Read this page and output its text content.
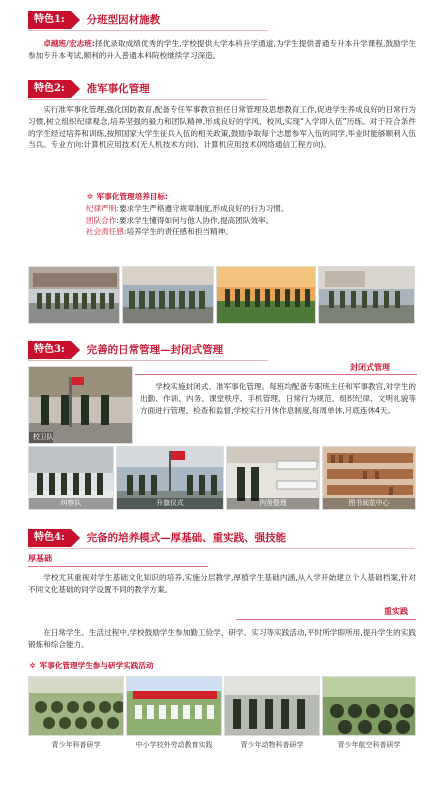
特色1:	分班型因材施教
卓越班/宏志班:择优录取成绩优秀的学生,学校提供大学本科升学通道,为学生提供普通专升本升学课程,鼓励学生参加专升本考试,顺利的升入普通本科院校继续学习深造。
特色2:	准军事化管理
实行准军事化管理,强化国防教育,配备专任军事教官担任日常管理及思想教育工作,促进学生养成良好的日常行为习惯,树立组织纪律观念,培养坚强的毅力和团队精神,形成良好的学风、校风,实现“入学即入伍”历练。对于符合条件的学生经过培养和训练,按照国家大学生征兵入伍的相关政策,鼓励争取每个志愿参军入伍的同学,毕业时能够顺利入伍当兵。专业方向:计算机应用技术(无人机技术方向)、计算机应用技术(网络通信工程方向)。
✲ 军事化管理培养目标:
纪律严明:要求学生严格遵守规章制度,形成良好的行为习惯。
团队合作:要求学生懂得如何与他人协作,提高团队效率。
社会责任感:培养学生的责任感和担当精神。
特色3:	完善的日常管理—封闭式管理
封闭式管理
校卫队
学校实施封闭式、准军事化管理。每班均配备专职班主任和军事教官,对学生的出勤、作训、内务、课堂秩序、手机管理、日常行为规范、组织纪律、文明礼貌等方面进行管理、检查和监督,学校实行月休作息制度,每周单休,月底连休4天。
纠察队	升旗仪式	内务整理	图书阅览中心
特色4:	完备的培养模式—厚基础、重实践、强技能
厚基础
学校尤其重视对学生基础文化知识的培养,实施分层教学,厚植学生基础内涵,从入学开始建立个人基础档案,针对不同文化基础的同学设置不同的教学方案。
重实践
在日常学生、生活过程中,学校鼓励学生参加勤工俭学、研学、实习等实践活动,平时所学即所用,提升学生的实践锻炼和综合能力。
✲ 军事化管理学生参与研学实践活动
青少年科普研学	中小学校外劳动教育实践	青少年动物科普研学	青少年航空科普研学
